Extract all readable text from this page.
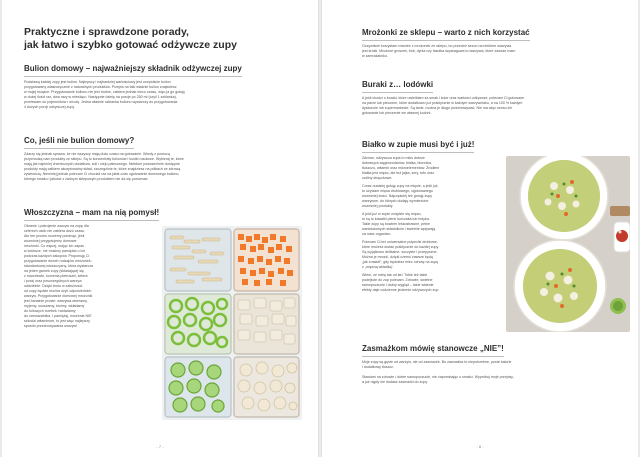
Praktyczne i sprawdzone porady,
jak łatwo i szybko gotować odżywcze zupy
Bulion domowy – najważniejszy składnik odżywczej zupy
Podstawą każdej zupy jest bulion. Najlepszy i najbardziej wartościowy jest oczywiście bulion
przygotowany własnoręcznie z naturalnych produktów. Przepis na taki właśnie bulion znajdziesz
w mojej książce. Przygotowanie bulionu nie jest trudne, zabiera jednak nieco czasu, więc ja go gotuję
w dużej ilości raz, dwa razy w miesiącu. Następnie dzielę na porcje po 250 ml (czyli 1 szklanka),
przelewam do pojemników i mrożę. Jedna właśnie szklanka bulionu wystarczy do przygotowania
4 dużych porcji odżywczej zupy.
Co, jeśli nie bulion domowy?
Zdarzy się jednak sprawa, że nie wszyscy mają dużo czasu na gotowanie. Wtedy z pomocą
przychodzą nam produkty ze sklepu. Są to koncentraty bulionów i kostki rosołowe. Wybieraj te, które
mają jak najmniej chemicznych dodatków, soli i oleju palmowego. Niektóre powszechnie dostępne
produkty mają całkiem akceptowalny skład, szczególnie te, które znajdziesz na półkach ze zdrową
żywnością. Niemniej jednak polecam Ci chociaż raz na jakiś czas ugotowanie domowego bulionu,
którego smaku i jakości z żadnym sklepowym produktem nie da się porównać.
Włoszczyzna – mam na nią pomysł!
Obranie i pokrojenie warzyw na zupę dla
czterech osób nie zabiera dużo czasu.
Ale ten proces możemy pominąć, jeśli
wcześniej przygotujemy domowe
mrożonki. Co więcej, mając ich zapas
w lodówce, nie musimy pamiętać o ich
podczas każdych zakupów. Proponuję Ci
przygotowanie dwóch rodzajów mrożonek:
standardowej włoszczyzny, która wystarcza
na jeden garnek zupy (składającej się
z marchewki, korzenia pietruszki, selera
i pora) oraz poszczególnych warzyw
oddzielnie. Dzięki temu w zależności
od zupy będzie można użyć odpowiednich
warzyw. Przygotowanie domowej mrożonki
jest banalnie proste: warzywa obieramy,
myjemy, osuszamy, kroimy, wkładamy
do foliowych torebek i wkładamy
do zamrażalnika. I pamiętaj, mrożenie NIE
szkodzi witaminom, to jest więc najlepszy
sposób przechowywania warzyw!
- 7 -
Mrożonki ze sklepu – warto z nich korzystać
Oczywiście korzystam również z mrożonek ze sklepu, bo przecież sezon na niektóre warzywa
jest krótki. Mrożone groszek, bób, dynia czy fasolka szparagowa to warzywa, które zawsze mam
w zamrażalniku.
Buraki z… lodówki
A jeśli chodzi o buraki, które uwielbiam za smak i kolor oraz wartości odżywcze, polecam Ci gotowane
na parze lub pieczone, które dodatkowo już praktycznie w każdym warzywniaku, a na 100 % każdym
dyskoncie lub supermarkecie. Są tanie, można je długo przechowywać. Nie ma więc sensu ich
gotowanie lub pieczenie we własnej kuchni.
Białko w zupie musi być i już!
Zdrowe, odżywcza zupa to miks dobrze
dobranych węglowodanów, białka, błonnika,
tłuszczu, witamin oraz mikroelementów. Źródłem
białka jest mięso, ale też jajka, sery, tofu oraz
rośliny strączkowe.
Coraz rzadziej gotuję zupy na mięsie, a jeśli już,
to używam mięsa drobiowego, ugotowanego
wcześniej kości. Najczęściej też gotuję zupy
warzywne, do których dodaję wymienione
wcześniej produkty.
A jeśli już w zupie znajdzie się mięso,
to są to kawałki piersi kurczaka lub indyka.
Takie zupy są bowiem lekkostrawne, pełne
wartościowych składników i świetnie wpływają
na nasz organizm.
Polecam Ci też uniwersalne pulpeciki drobiowe,
które możesz dodać praktycznie do każdej zupy.
Są wyjątkowo delikatne, soczyste i przepyszne.
Można je mrozić, dzięki czemu zawsze będą
„jak znalazł”, gdy będziesz miec ochotę na zupę
z „mięsną wkładką”.
Wiem, że robię tak od lat i Tobie też takie
podejście do zup polecam. Zdrowie, świetne
samopoczucie i dobry wygląd – takie właśnie
efekty daje codzienne jedzenie odżywczych zup.
Zasmażkom mówię stanowcze „NIE”!
Moje zupy są gęste od warzyw, nie od zasmażek. Bo zasmażka to niepotrzebne, puste kalorie
i dodatkowy tłuszcz.
Stawiam na zdrowie i dobre samopoczucie, nie zapominając o smaku. Wypróbuj moje przepisy,
a już nigdy nie dodasz zasmażki do zupy.
- 8 -
